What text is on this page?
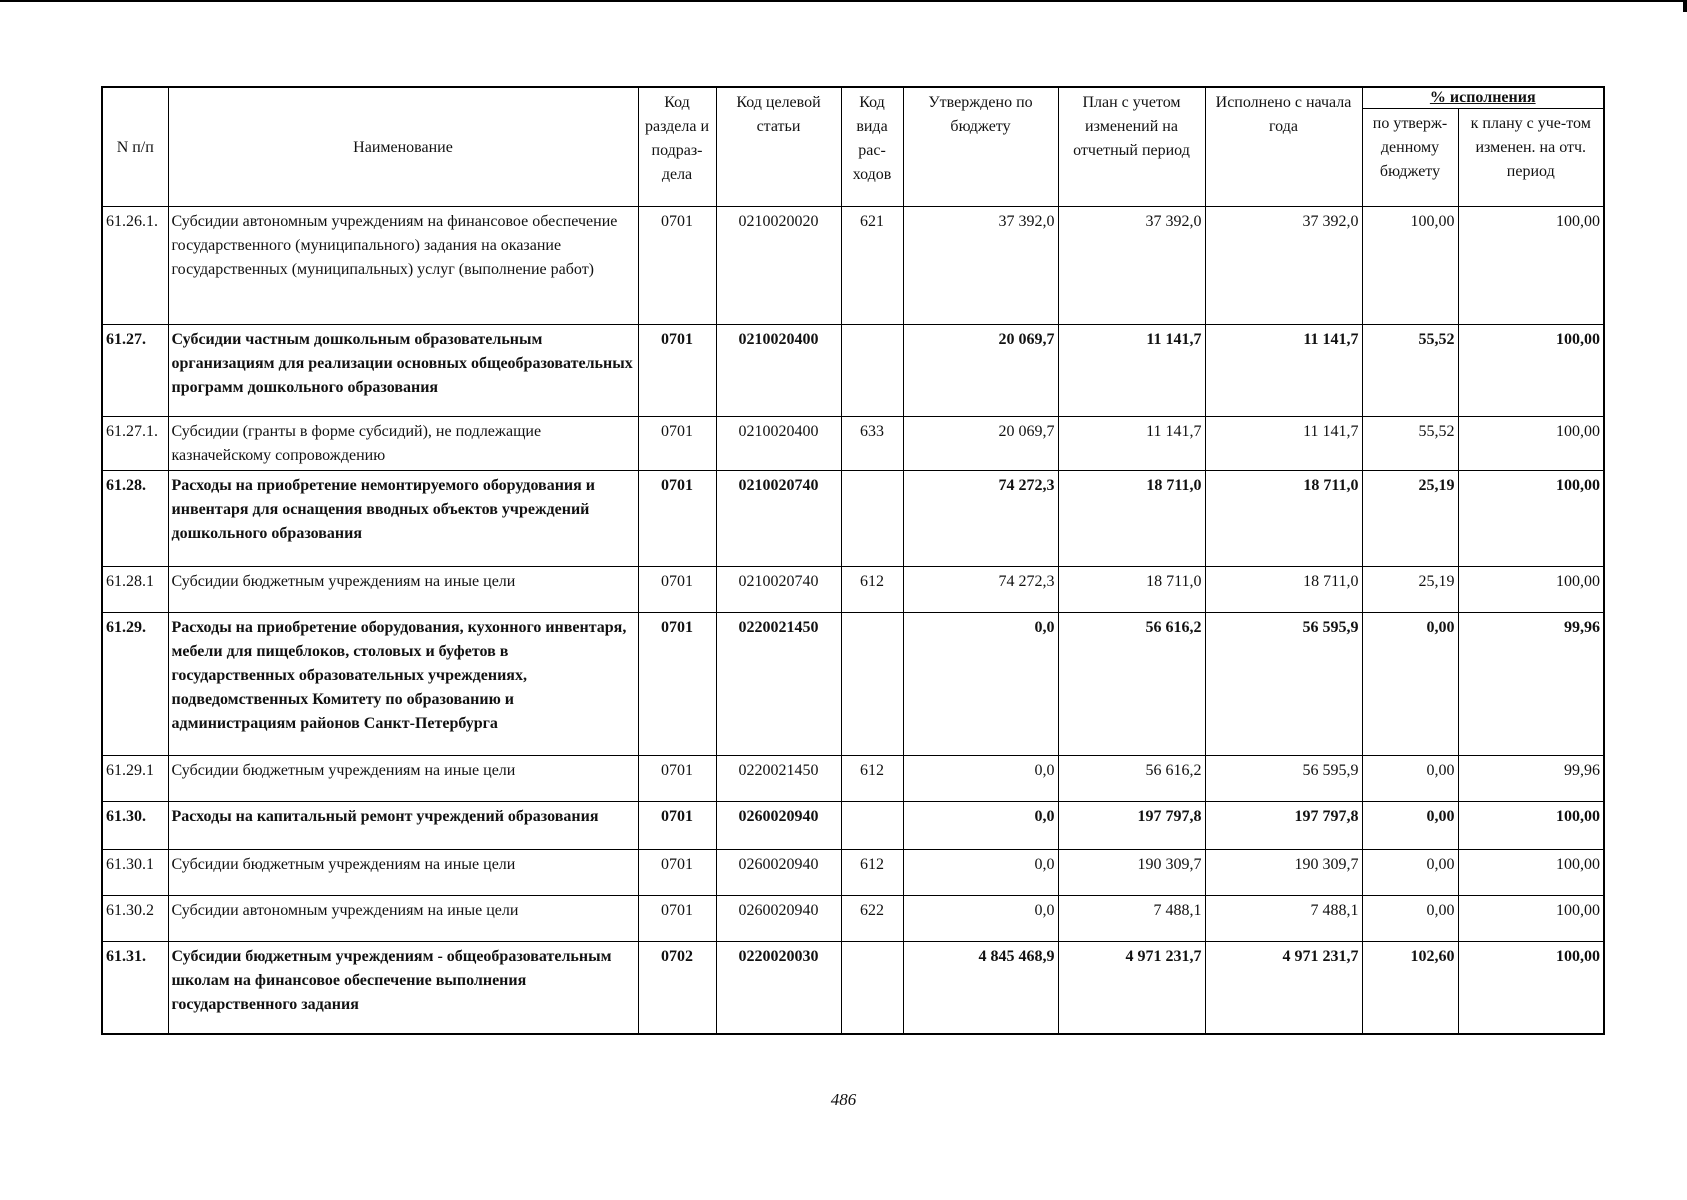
N п/п	Наименование	Код раздела и подраз-дела	Код целевой статьи	Код вида рас-ходов	Утверждено по бюджету	План с учетом изменений на отчетный период	Исполнено с начала года	% исполнения	
								по утверж-денному бюджету	к плану с уче-том изменен. на отч. период
61.26.1.	Субсидии автономным учреждениям на финансовое обеспечение государственного (муниципального) задания на оказание государственных (муниципальных) услуг (выполнение работ)	0701	0210020020	621	37 392,0	37 392,0	37 392,0	100,00	100,00
61.27.	Субсидии частным дошкольным образовательным организациям для реализации основных общеобразовательных программ дошкольного образования	0701	0210020400		20 069,7	11 141,7	11 141,7	55,52	100,00
61.27.1.	Субсидии (гранты в форме субсидий), не подлежащие казначейскому сопровождению	0701	0210020400	633	20 069,7	11 141,7	11 141,7	55,52	100,00
61.28.	Расходы на приобретение немонтируемого оборудования и инвентаря для оснащения вводных объектов учреждений дошкольного образования	0701	0210020740		74 272,3	18 711,0	18 711,0	25,19	100,00
61.28.1	Субсидии бюджетным учреждениям на иные цели	0701	0210020740	612	74 272,3	18 711,0	18 711,0	25,19	100,00
61.29.	Расходы на приобретение оборудования, кухонного инвентаря, мебели для пищеблоков, столовых и буфетов в государственных образовательных учреждениях, подведомственных Комитету по образованию и администрациям районов Санкт-Петербурга	0701	0220021450		0,0	56 616,2	56 595,9	0,00	99,96
61.29.1	Субсидии бюджетным учреждениям на иные цели	0701	0220021450	612	0,0	56 616,2	56 595,9	0,00	99,96
61.30.	Расходы на капитальный ремонт учреждений образования	0701	0260020940		0,0	197 797,8	197 797,8	0,00	100,00
61.30.1	Субсидии бюджетным учреждениям на иные цели	0701	0260020940	612	0,0	190 309,7	190 309,7	0,00	100,00
61.30.2	Субсидии автономным учреждениям на иные цели	0701	0260020940	622	0,0	7 488,1	7 488,1	0,00	100,00
61.31.	Субсидии бюджетным учреждениям - общеобразовательным школам на финансовое обеспечение выполнения государственного задания	0702	0220020030		4 845 468,9	4 971 231,7	4 971 231,7	102,60	100,00
486
